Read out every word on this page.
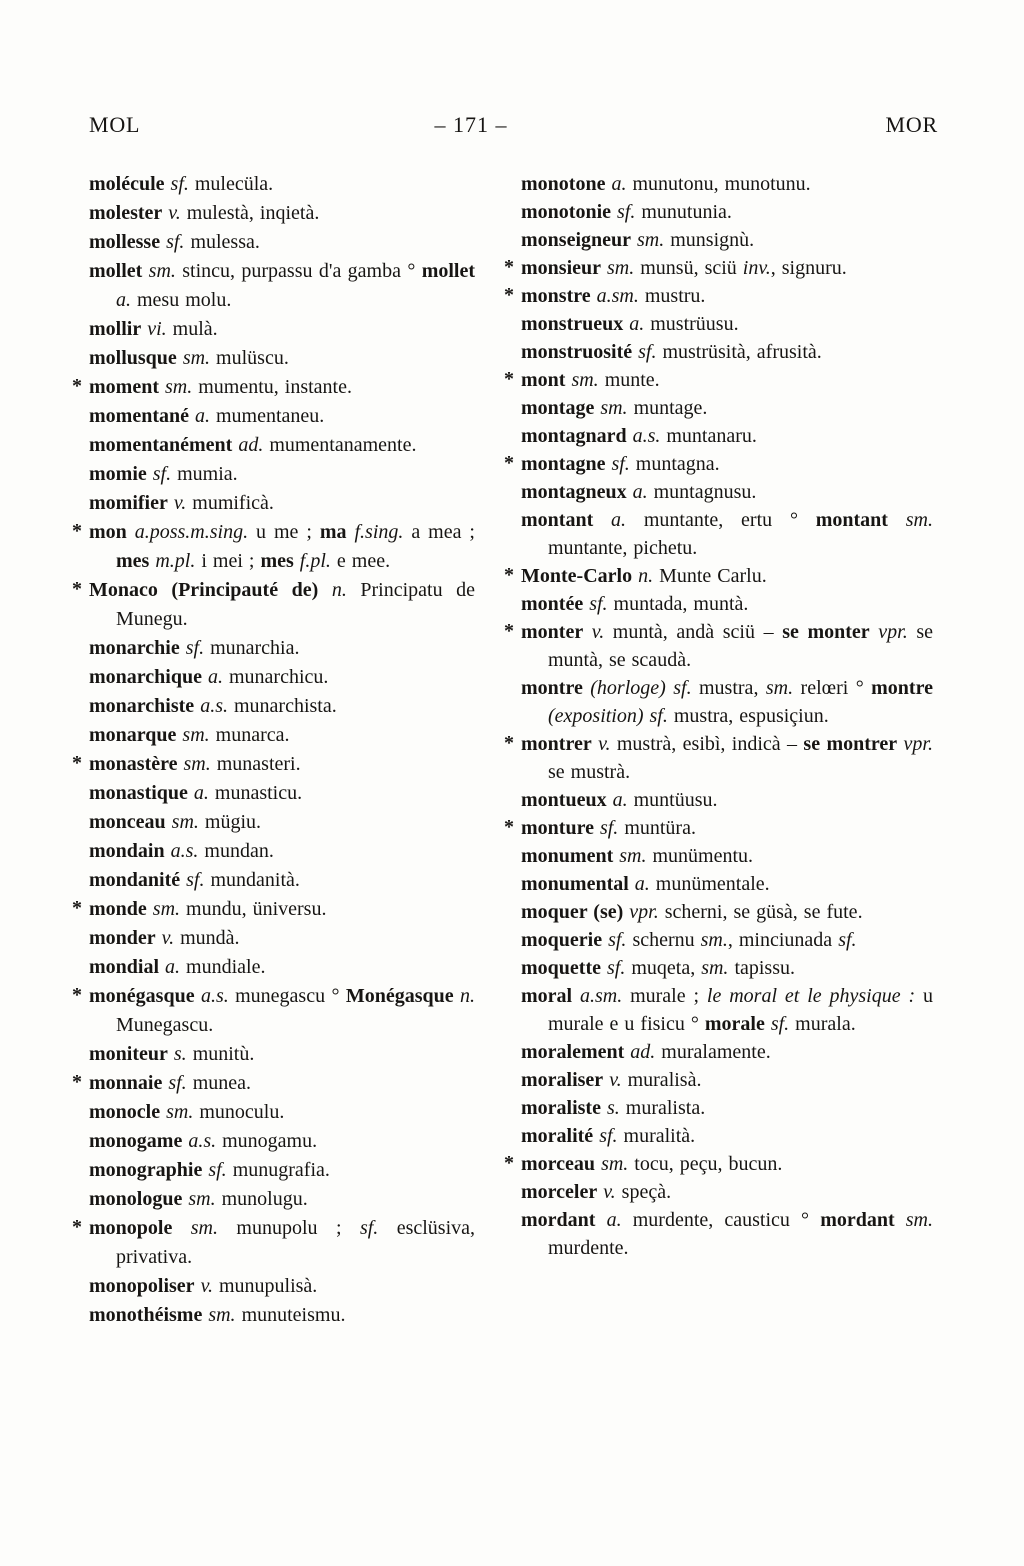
MOL	– 171 –	MOR
molécule sf. mulecüla.
molester v. mulestà, inqietà.
mollesse sf. mulessa.
mollet sm. stincu, purpassu d'a gamba ° mollet a. mesu molu.
mollir vi. mulà.
mollusque sm. mulüscu.
* moment sm. mumentu, instante.
momentané a. mumentaneu.
momentanément ad. mumentanamente.
momie sf. mumia.
momifier v. mumificà.
* mon a.poss.m.sing. u me ; ma f.sing. a mea ; mes m.pl. i mei ; mes f.pl. e mee.
* Monaco (Principauté de) n. Principatu de Munegu.
monarchie sf. munarchia.
monarchique a. munarchicu.
monarchiste a.s. munarchista.
monarque sm. munarca.
* monastère sm. munasteri.
monastique a. munasticu.
monceau sm. mügiu.
mondain a.s. mundan.
mondanité sf. mundanità.
* monde sm. mundu, üniversu.
monder v. mundà.
mondial a. mundiale.
* monégasque a.s. munegascu ° Monégasque n. Munegascu.
moniteur s. munitù.
* monnaie sf. munea.
monocle sm. munoculu.
monogame a.s. munogamu.
monographie sf. munugrafia.
monologue sm. munolugu.
* monopole sm. munupolu ; sf. esclüsiva, privativa.
monopoliser v. munupulisà.
monothéisme sm. munuteismu.
monotone a. munutonu, munotunu.
monotonie sf. munutunia.
monseigneur sm. munsignù.
* monsieur sm. munsü, sciü inv., signuru.
* monstre a.sm. mustru.
monstrueux a. mustrüusu.
monstruosité sf. mustrüsità, afrusità.
* mont sm. munte.
montage sm. muntage.
montagnard a.s. muntanaru.
* montagne sf. muntagna.
montagneux a. muntagnusu.
montant a. muntante, ertu ° montant sm. muntante, pichetu.
* Monte-Carlo n. Munte Carlu.
montée sf. muntada, muntà.
* monter v. muntà, andà sciü – se monter vpr. se muntà, se scaudà.
montre (horloge) sf. mustra, sm. relœri ° montre (exposition) sf. mustra, espusiçiun.
* montrer v. mustrà, esibì, indicà – se montrer vpr. se mustrà.
montueux a. muntüusu.
* monture sf. muntüra.
monument sm. munümentu.
monumental a. munümentale.
moquer (se) vpr. scherni, se güsà, se fute.
moquerie sf. schernu sm., minciunada sf.
moquette sf. muqeta, sm. tapissu.
moral a.sm. murale ; le moral et le physique : u murale e u fisicu ° morale sf. murala.
moralement ad. muralamente.
moraliser v. muralisà.
moraliste s. muralista.
moralité sf. muralità.
* morceau sm. tocu, peçu, bucun.
morceler v. speçà.
mordant a. murdente, causticu ° mordant sm. murdente.
